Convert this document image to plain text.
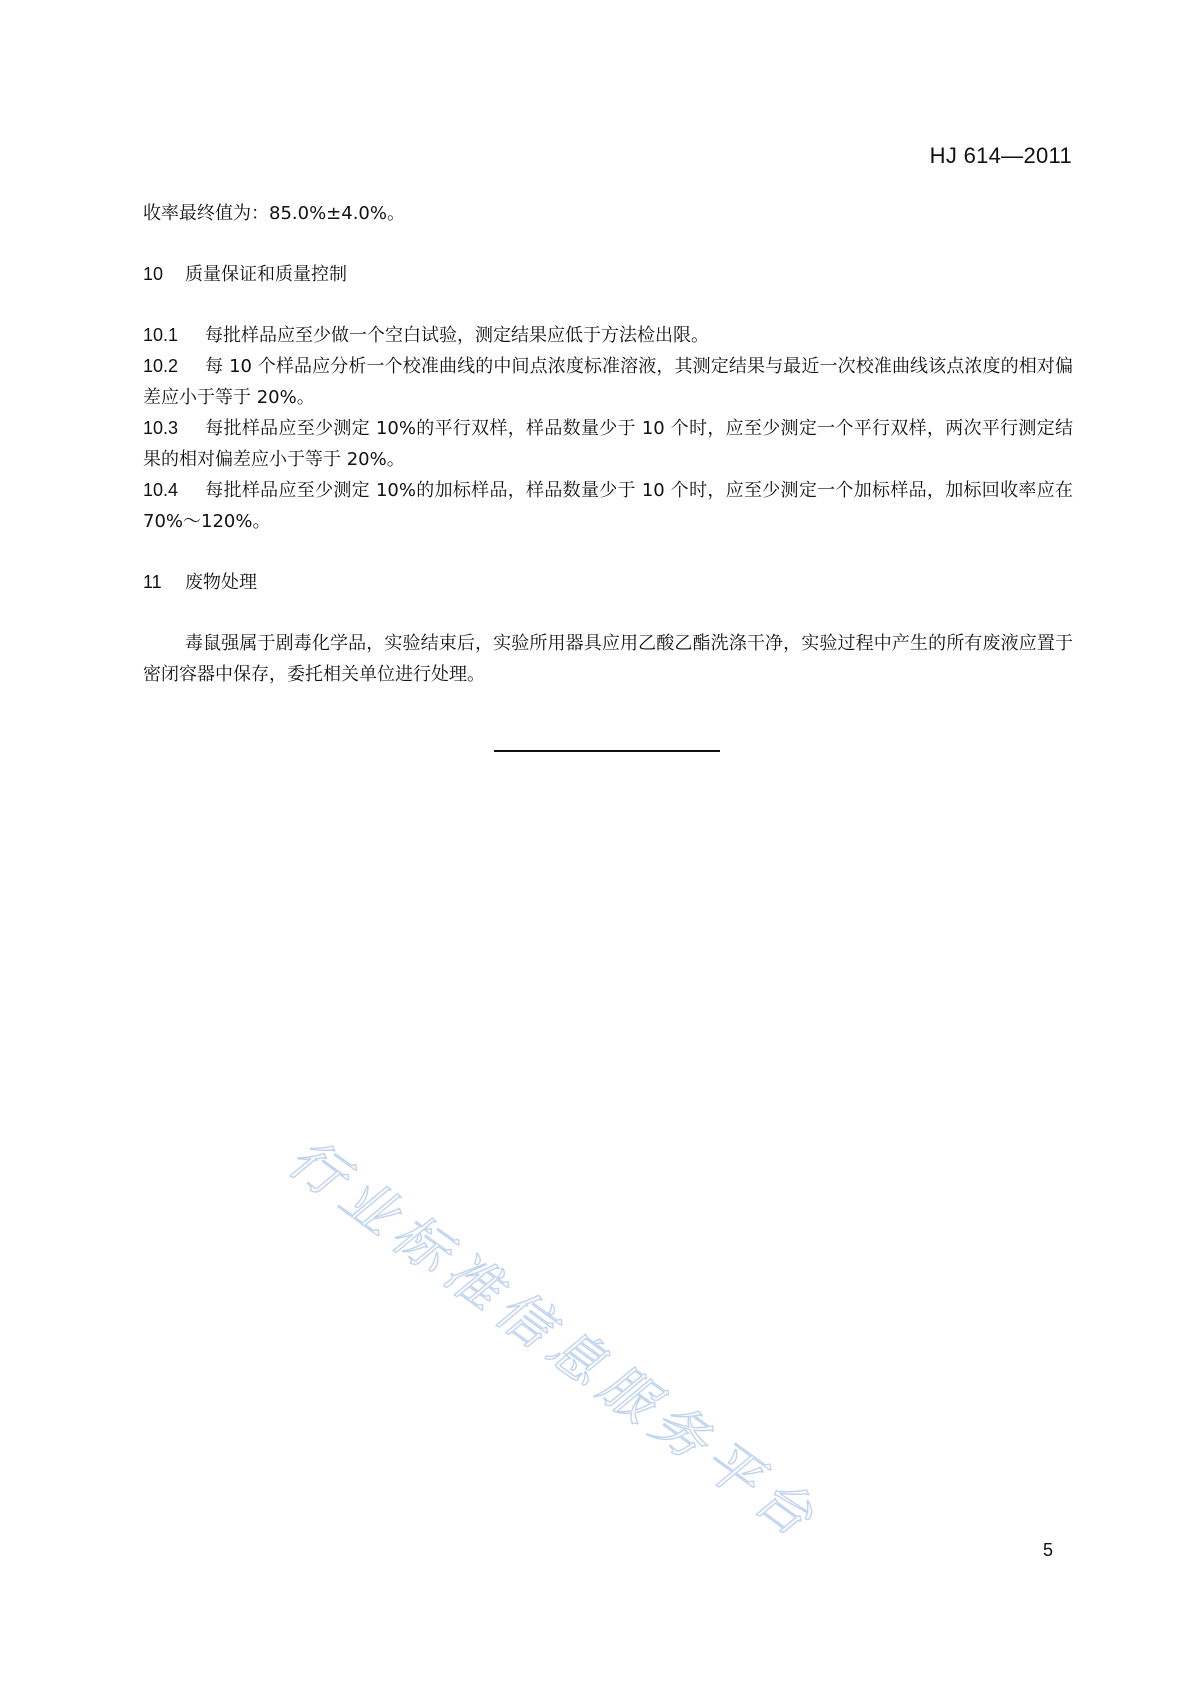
HJ 614—2011

收率最终值为：85.0%±4.0%。

10 质量保证和质量控制

10.1 每批样品应至少做一个空白试验，测定结果应低于方法检出限。

10.2 每 10 个样品应分析一个校准曲线的中间点浓度标准溶液，其测定结果与最近一次校准曲线该点浓度的相对偏差应小于等于 20%。

10.3 每批样品应至少测定 10%的平行双样，样品数量少于 10 个时，应至少测定一个平行双样，两次平行测定结果的相对偏差应小于等于 20%。

10.4 每批样品应至少测定 10%的加标样品，样品数量少于 10 个时，应至少测定一个加标样品，加标回收率应在 70%～120%。

11 废物处理

毒鼠强属于剧毒化学品，实验结束后，实验所用器具应用乙酸乙酯洗涤干净，实验过程中产生的所有废液应置于密闭容器中保存，委托相关单位进行处理。

行业标准信息服务平台	5
